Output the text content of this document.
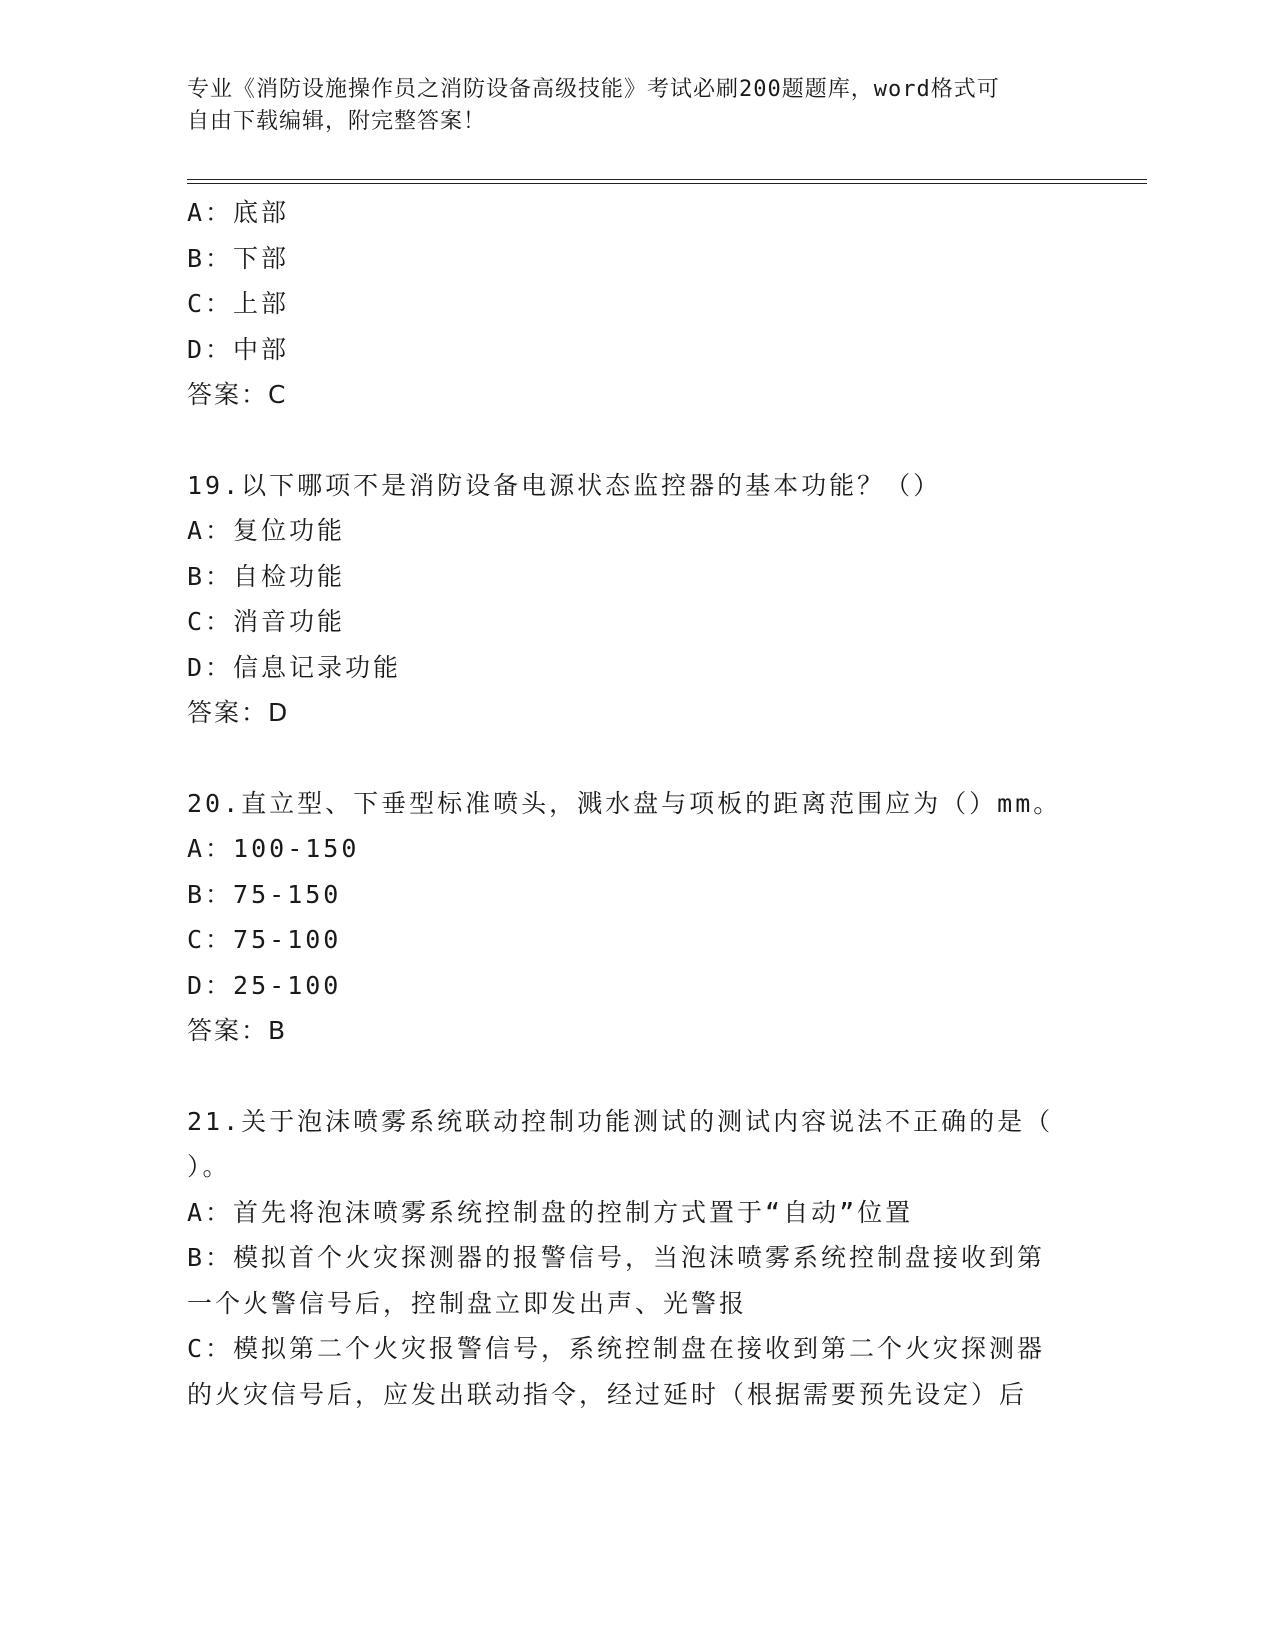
专业《消防设施操作员之消防设备高级技能》考试必刷200题题库，word格式可
自由下载编辑，附完整答案！
A：底部
B：下部
C：上部
D：中部
答案：C
19.以下哪项不是消防设备电源状态监控器的基本功能？（）
A：复位功能
B：自检功能
C：消音功能
D：信息记录功能
答案：D
20.直立型、下垂型标准喷头，溅水盘与项板的距离范围应为（）mm。
A：100-150
B：75-150
C：75-100
D：25-100
答案：B
21.关于泡沫喷雾系统联动控制功能测试的测试内容说法不正确的是（
）。
A：首先将泡沫喷雾系统控制盘的控制方式置于“自动”位置
B：模拟首个火灾探测器的报警信号，当泡沫喷雾系统控制盘接收到第
一个火警信号后，控制盘立即发出声、光警报
C：模拟第二个火灾报警信号，系统控制盘在接收到第二个火灾探测器
的火灾信号后，应发出联动指令，经过延时（根据需要预先设定）后
